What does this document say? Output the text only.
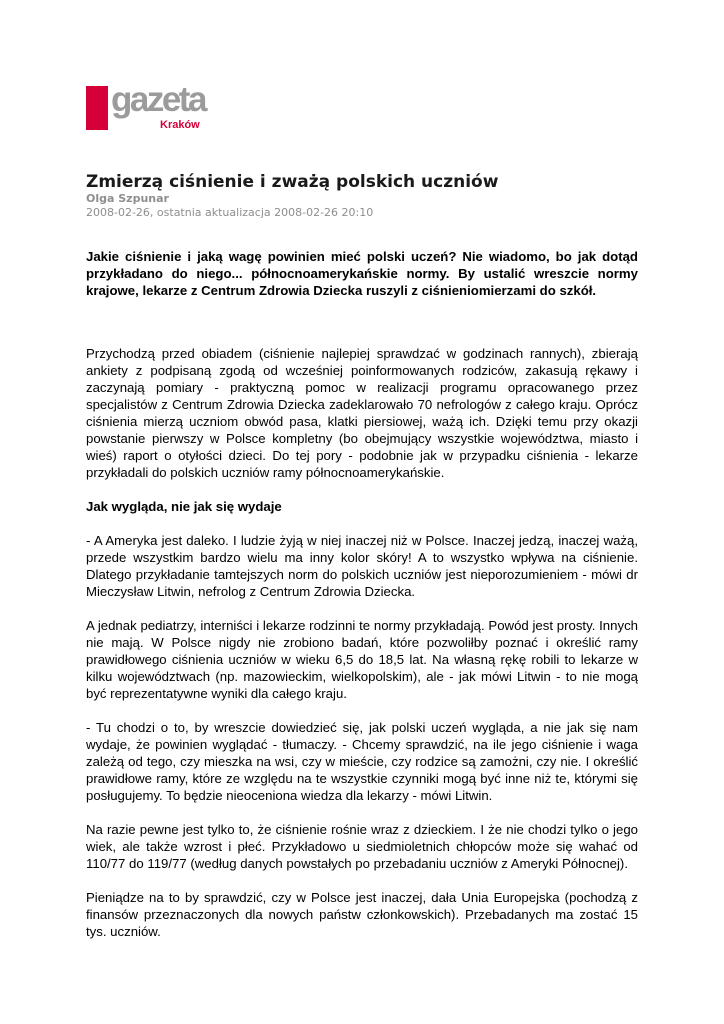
gazeta
Kraków
Zmierzą ciśnienie i zważą polskich uczniów
Olga Szpunar
2008-02-26, ostatnia aktualizacja 2008-02-26 20:10

Jakie ciśnienie i jaką wagę powinien mieć polski uczeń? Nie wiadomo, bo jak dotąd przykładano do niego... północnoamerykańskie normy. By ustalić wreszcie normy krajowe, lekarze z Centrum Zdrowia Dziecka ruszyli z ciśnieniomierzami do szkół.

Przychodzą przed obiadem (ciśnienie najlepiej sprawdzać w godzinach rannych), zbierają ankiety z podpisaną zgodą od wcześniej poinformowanych rodziców, zakasują rękawy i zaczynają pomiary - praktyczną pomoc w realizacji programu opracowanego przez specjalistów z Centrum Zdrowia Dziecka zadeklarowało 70 nefrologów z całego kraju. Oprócz ciśnienia mierzą uczniom obwód pasa, klatki piersiowej, ważą ich. Dzięki temu przy okazji powstanie pierwszy w Polsce kompletny (bo obejmujący wszystkie województwa, miasto i wieś) raport o otyłości dzieci. Do tej pory - podobnie jak w przypadku ciśnienia - lekarze przykładali do polskich uczniów ramy północnoamerykańskie.

Jak wygląda, nie jak się wydaje

- A Ameryka jest daleko. I ludzie żyją w niej inaczej niż w Polsce. Inaczej jedzą, inaczej ważą, przede wszystkim bardzo wielu ma inny kolor skóry! A to wszystko wpływa na ciśnienie. Dlatego przykładanie tamtejszych norm do polskich uczniów jest nieporozumieniem - mówi dr Mieczysław Litwin, nefrolog z Centrum Zdrowia Dziecka.

A jednak pediatrzy, interniści i lekarze rodzinni te normy przykładają. Powód jest prosty. Innych nie mają. W Polsce nigdy nie zrobiono badań, które pozwoliłby poznać i określić ramy prawidłowego ciśnienia uczniów w wieku 6,5 do 18,5 lat. Na własną rękę robili to lekarze w kilku województwach (np. mazowieckim, wielkopolskim), ale - jak mówi Litwin - to nie mogą być reprezentatywne wyniki dla całego kraju.

- Tu chodzi o to, by wreszcie dowiedzieć się, jak polski uczeń wygląda, a nie jak się nam wydaje, że powinien wyglądać - tłumaczy. - Chcemy sprawdzić, na ile jego ciśnienie i waga zależą od tego, czy mieszka na wsi, czy w mieście, czy rodzice są zamożni, czy nie. I określić prawidłowe ramy, które ze względu na te wszystkie czynniki mogą być inne niż te, którymi się posługujemy. To będzie nieoceniona wiedza dla lekarzy - mówi Litwin.

Na razie pewne jest tylko to, że ciśnienie rośnie wraz z dzieckiem. I że nie chodzi tylko o jego wiek, ale także wzrost i płeć. Przykładowo u siedmioletnich chłopców może się wahać od 110/77 do 119/77 (według danych powstałych po przebadaniu uczniów z Ameryki Północnej).

Pieniądze na to by sprawdzić, czy w Polsce jest inaczej, dała Unia Europejska (pochodzą z finansów przeznaczonych dla nowych państw członkowskich). Przebadanych ma zostać 15 tys. uczniów.
